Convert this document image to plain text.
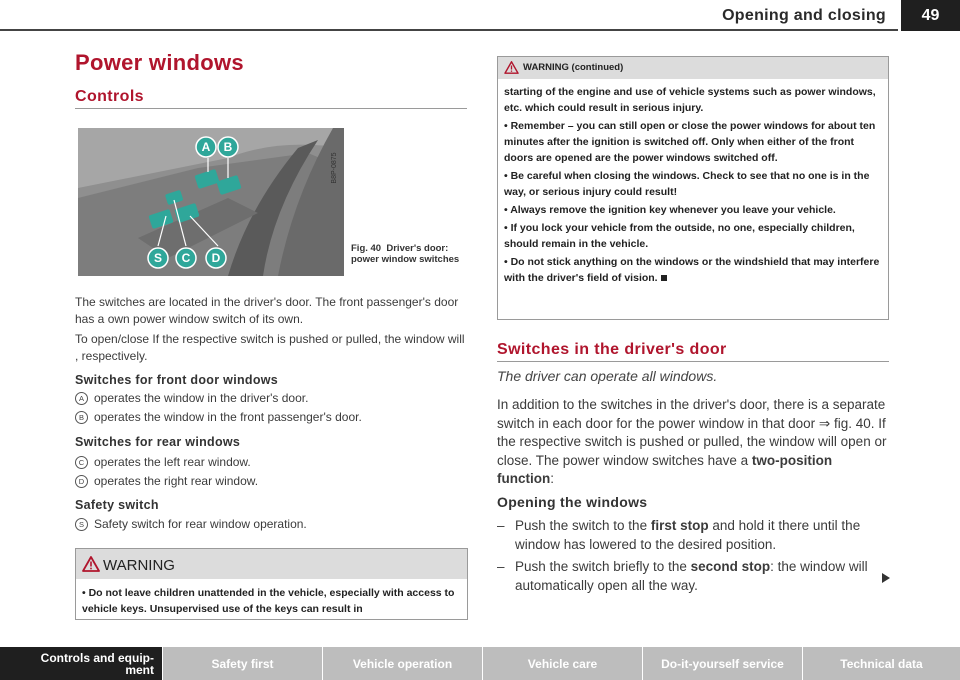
Opening and closing	49
Power windows
Controls
A B
S C D
B8P-0875
Fig. 40 Driver's door: power window switches
The switches are located in the driver's door. The front passenger's door has a own power window switch of its own.
To open/close If the respective switch is pushed or pulled, the window will , respectively.
Switches for front door windows
A operates the window in the driver's door.
B operates the window in the front passenger's door.
Switches for rear windows
C operates the left rear window.
D operates the right rear window.
Safety switch
S Safety switch for rear window operation.
WARNING
• Do not leave children unattended in the vehicle, especially with access to vehicle keys. Unsupervised use of the keys can result in
WARNING (continued)

starting of the engine and use of vehicle systems such as power windows, etc. which could result in serious injury.

• Remember – you can still open or close the power windows for about ten minutes after the ignition is switched off. Only when either of the front doors are opened are the power windows switched off.

• Be careful when closing the windows. Check to see that no one is in the way, or serious injury could result!

• Always remove the ignition key whenever you leave your vehicle.

• If you lock your vehicle from the outside, no one, especially children, should remain in the vehicle.

• Do not stick anything on the windows or the windshield that may interfere with the driver's field of vision.

Switches in the driver's door
The driver can operate all windows.
In addition to the switches in the driver's door, there is a separate switch in each door for the power window in that door ⇒ fig. 40. If the respective switch is pushed or pulled, the window will open or close. The power window switches have a two-position function:
Opening the windows
– Push the switch to the first stop and hold it there until the window has lowered to the desired position.
– Push the switch briefly to the second stop: the window will automatically open all the way.
Controls and equip-
ment	Safety first	Vehicle operation	Vehicle care	Do-it-yourself service	Technical data
